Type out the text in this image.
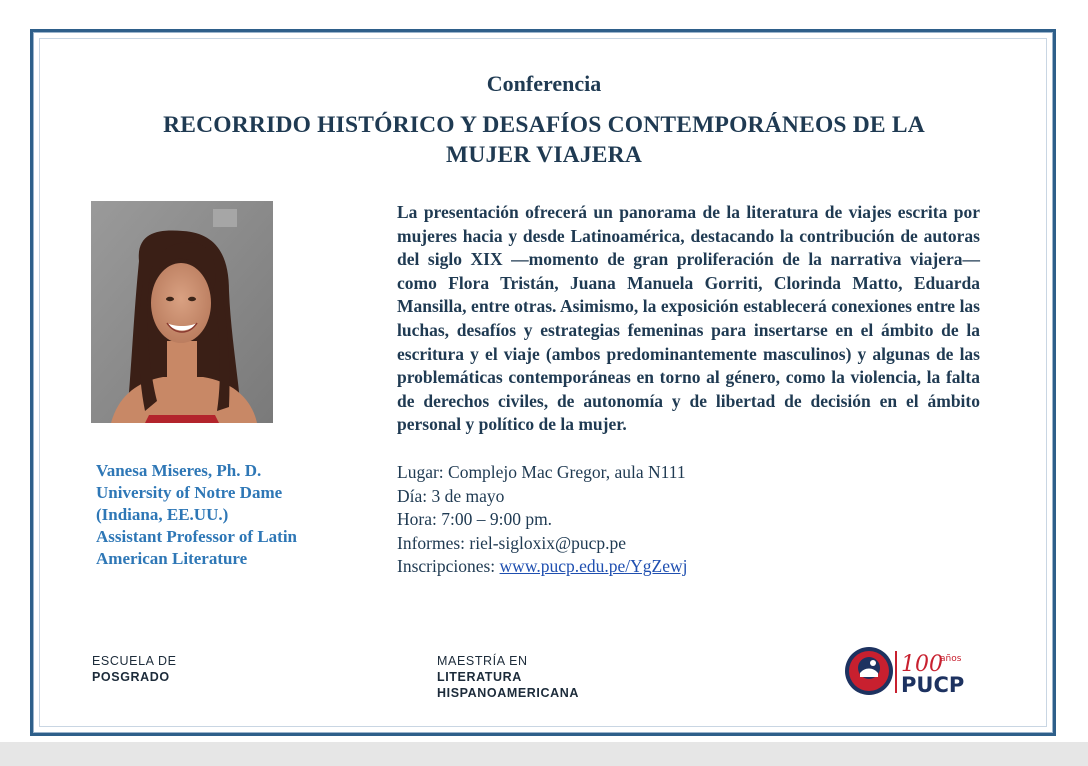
Conferencia
RECORRIDO HISTÓRICO Y DESAFÍOS CONTEMPORÁNEOS DE LA
MUJER VIAJERA
Vanesa Miseres, Ph. D.
University of Notre Dame
(Indiana, EE.UU.)
Assistant Professor of Latin
American Literature
La presentación ofrecerá un panorama de la literatura de viajes escrita por mujeres hacia y desde Latinoamérica, destacando la contribución de autoras del siglo XIX —momento de gran proliferación de la narrativa viajera— como Flora Tristán, Juana Manuela Gorriti, Clorinda Matto, Eduarda Mansilla, entre otras. Asimismo, la exposición establecerá conexiones entre las luchas, desafíos y estrategias femeninas para insertarse en el ámbito de la escritura y el viaje (ambos predominantemente masculinos) y algunas de las problemáticas contemporáneas en torno al género, como la violencia, la falta de derechos civiles, de autonomía y de libertad de decisión en el ámbito personal y político de la mujer.
Lugar: Complejo Mac Gregor, aula N111
Día: 3 de mayo
Hora: 7:00 – 9:00 pm.
Informes: riel-sigloxix@pucp.pe
Inscripciones: www.pucp.edu.pe/YgZewj
ESCUELA DE
POSGRADO
MAESTRÍA EN
LITERATURA
HISPANOAMERICANA
100
años
PUCP
